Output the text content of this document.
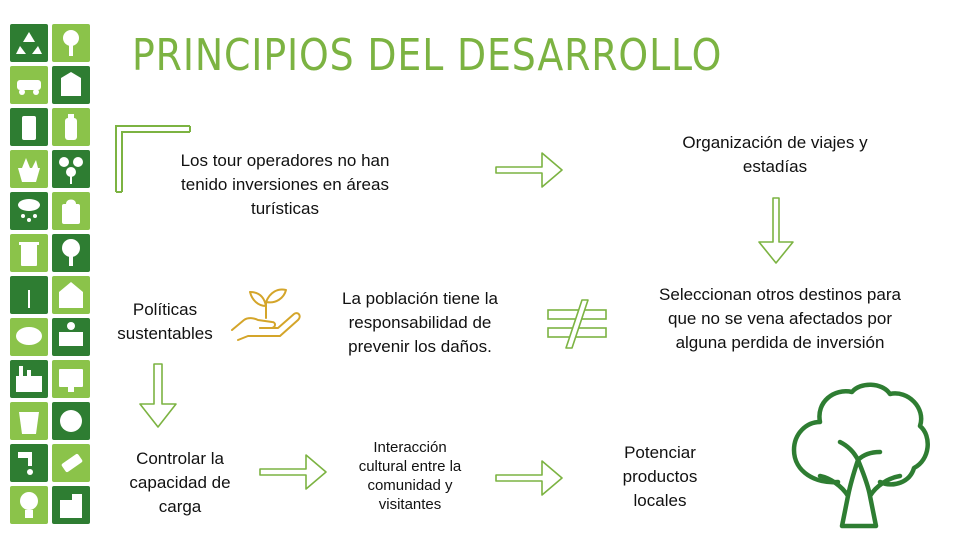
PRINCIPIOS DEL DESARROLLO
Los tour operadores no han
tenido inversiones en áreas
turísticas
Organización de viajes y
estadías
Seleccionan otros destinos para
que no se vena afectados por
alguna perdida de inversión
La población tiene la
responsabilidad de
prevenir los daños.
Políticas
sustentables
Controlar la
capacidad de
carga
Interacción
cultural entre la
comunidad y
visitantes
Potenciar
productos
locales
